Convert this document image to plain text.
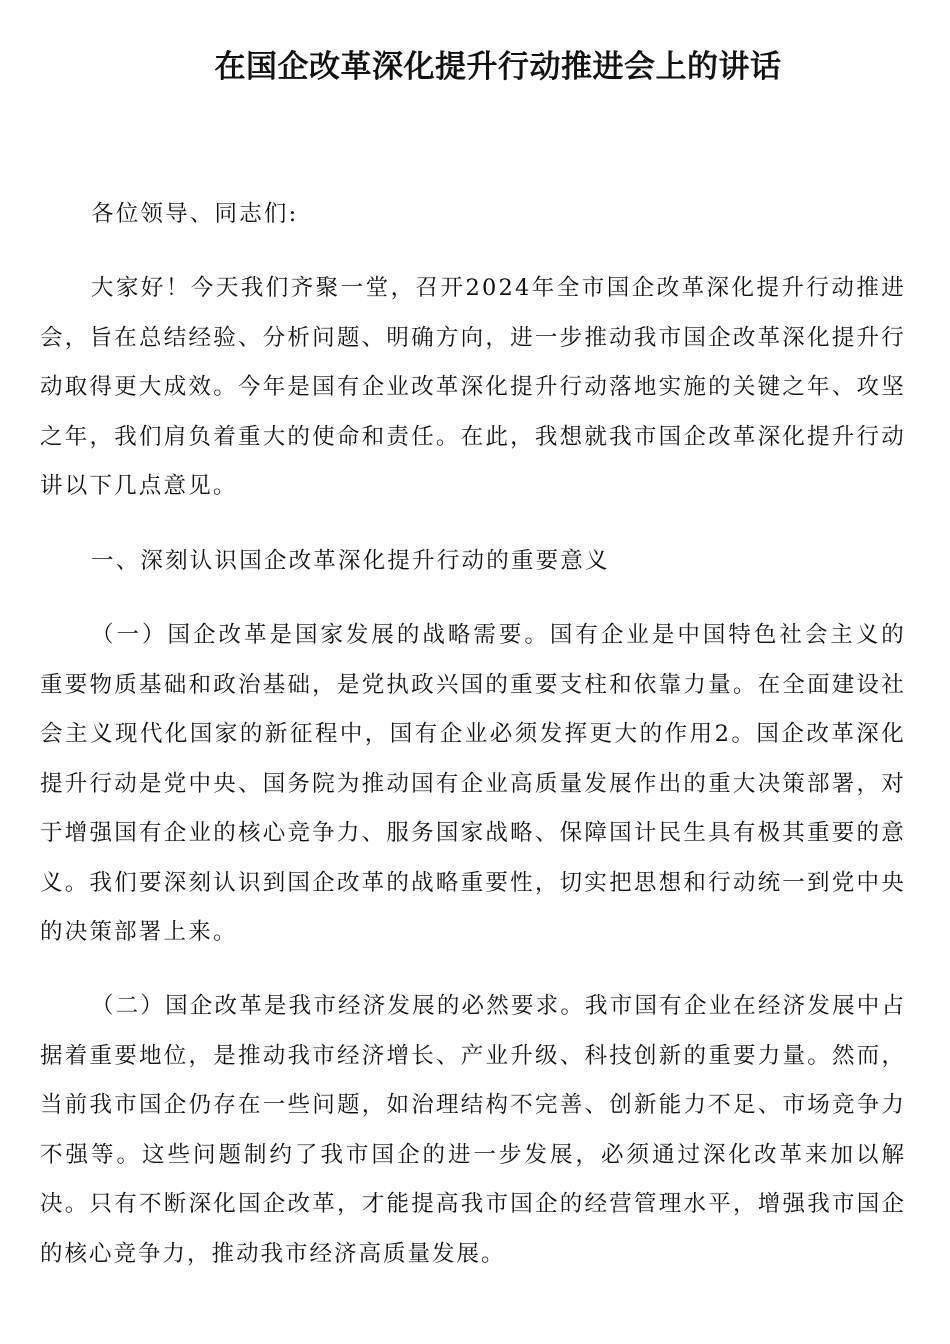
在国企改革深化提升行动推进会上的讲话

各位领导、同志们:

大家好！今天我们齐聚一堂，召开2024年全市国企改革深化提升行动推进会，旨在总结经验、分析问题、明确方向，进一步推动我市国企改革深化提升行动取得更大成效。今年是国有企业改革深化提升行动落地实施的关键之年、攻坚之年，我们肩负着重大的使命和责任。在此，我想就我市国企改革深化提升行动讲以下几点意见。

一、深刻认识国企改革深化提升行动的重要意义

（一）国企改革是国家发展的战略需要。国有企业是中国特色社会主义的重要物质基础和政治基础，是党执政兴国的重要支柱和依靠力量。在全面建设社会主义现代化国家的新征程中，国有企业必须发挥更大的作用2。国企改革深化提升行动是党中央、国务院为推动国有企业高质量发展作出的重大决策部署，对于增强国有企业的核心竞争力、服务国家战略、保障国计民生具有极其重要的意义。我们要深刻认识到国企改革的战略重要性，切实把思想和行动统一到党中央的决策部署上来。

（二）国企改革是我市经济发展的必然要求。我市国有企业在经济发展中占据着重要地位，是推动我市经济增长、产业升级、科技创新的重要力量。然而，当前我市国企仍存在一些问题，如治理结构不完善、创新能力不足、市场竞争力不强等。这些问题制约了我市国企的进一步发展，必须通过深化改革来加以解决。只有不断深化国企改革，才能提高我市国企的经营管理水平，增强我市国企的核心竞争力，推动我市经济高质量发展。
